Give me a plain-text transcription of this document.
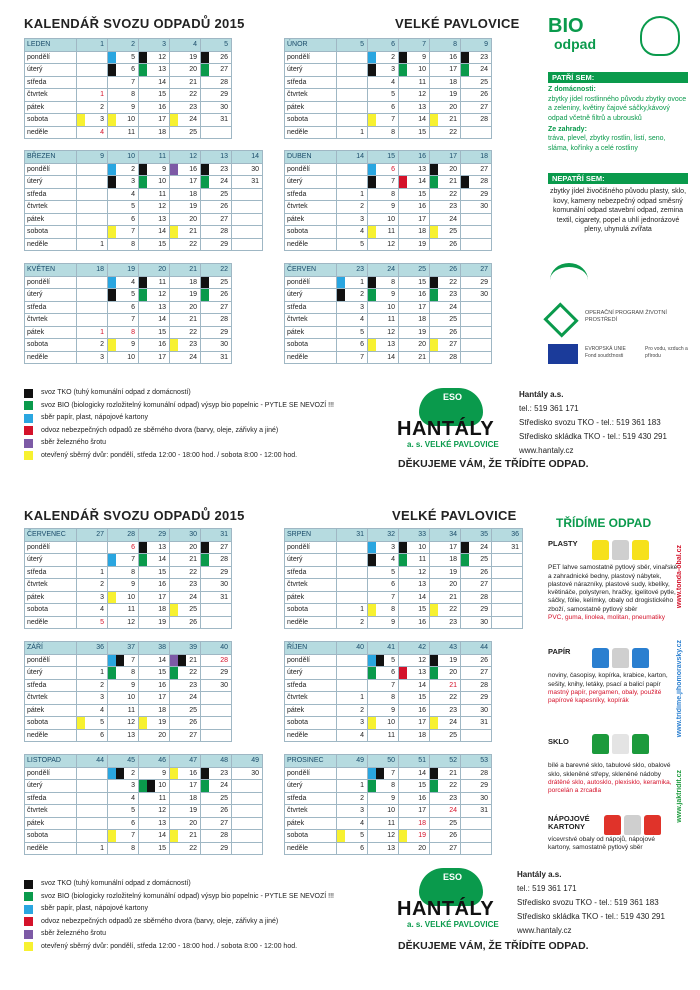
KALENDÁŘ SVOZU ODPADŮ 2015	VELKÉ PAVLOVICE
KALENDÁŘ SVOZU ODPADŮ 2015	VELKÉ PAVLOVICE
LEDEN	1	2	3	4	5
pondělí		5	12	19	26
úterý		6	13	20	27
středa		7	14	21	28
čtvrtek	1	8	15	22	29
pátek	2	9	16	23	30
sobota	3	10	17	24	31
neděle	4	11	18	25	
ÚNOR	5	6	7	8	9
pondělí		2	9	16	23
úterý		3	10	17	24
středa		4	11	18	25
čtvrtek		5	12	19	26
pátek		6	13	20	27
sobota		7	14	21	28
neděle	1	8	15	22	
BŘEZEN	9	10	11	12	13	14
pondělí		2	9	16	23	30
úterý		3	10	17	24	31
středa		4	11	18	25	
čtvrtek		5	12	19	26	
pátek		6	13	20	27	
sobota		7	14	21	28	
neděle	1	8	15	22	29	
DUBEN	14	15	16	17	18
pondělí		6	13	20	27
úterý		7	14	21	28
středa	1	8	15	22	29
čtvrtek	2	9	16	23	30
pátek	3	10	17	24	
sobota	4	11	18	25	
neděle	5	12	19	26	
KVĚTEN	18	19	20	21	22
pondělí		4	11	18	25
úterý		5	12	19	26
středa		6	13	20	27
čtvrtek		7	14	21	28
pátek	1	8	15	22	29
sobota	2	9	16	23	30
neděle	3	10	17	24	31
ČERVEN	23	24	25	26	27
pondělí	1	8	15	22	29
úterý	2	9	16	23	30
středa	3	10	17	24	
čtvrtek	4	11	18	25	
pátek	5	12	19	26	
sobota	6	13	20	27	
neděle	7	14	21	28	
ČERVENEC	27	28	29	30	31
pondělí		6	13	20	27
úterý		7	14	21	28
středa	1	8	15	22	29
čtvrtek	2	9	16	23	30
pátek	3	10	17	24	31
sobota	4	11	18	25	
neděle	5	12	19	26	
SRPEN	31	32	33	34	35	36
pondělí		3	10	17	24	31
úterý		4	11	18	25	
středa		5	12	19	26	
čtvrtek		6	13	20	27	
pátek		7	14	21	28	
sobota	1	8	15	22	29	
neděle	2	9	16	23	30	
ZÁŘÍ	36	37	38	39	40
pondělí		7	14	21	28
úterý	1	8	15	22	29
středa	2	9	16	23	30
čtvrtek	3	10	17	24	
pátek	4	11	18	25	
sobota	5	12	19	26	
neděle	6	13	20	27	
ŘÍJEN	40	41	42	43	44
pondělí		5	12	19	26
úterý		6	13	20	27
středa		7	14	21	28
čtvrtek	1	8	15	22	29
pátek	2	9	16	23	30
sobota	3	10	17	24	31
neděle	4	11	18	25	
LISTOPAD	44	45	46	47	48	49
pondělí		2	9	16	23	30
úterý		3	10	17	24	
středa		4	11	18	25	
čtvrtek		5	12	19	26	
pátek		6	13	20	27	
sobota		7	14	21	28	
neděle	1	8	15	22	29	
PROSINEC	49	50	51	52	53
pondělí		7	14	21	28
úterý	1	8	15	22	29
středa	2	9	16	23	30
čtvrtek	3	10	17	24	31
pátek	4	11	18	25	
sobota	5	12	19	26	
neděle	6	13	20	27	
svoz TKO (tuhý komunální odpad z domácností)
svoz BIO (biologicky rozložitelný komunální odpad) výsyp bio popelnic - PYTLE SE NEVOZÍ !!!
sběr papír, plast, nápojové kartony
odvoz nebezpečných odpadů ze sběrného dvora (barvy, oleje, zářivky a jiné)
sběr železného šrotu
otevřený sběrný dvůr: pondělí, středa 12:00 - 18:00 hod. / sobota 8:00 - 12:00 hod.
svoz TKO (tuhý komunální odpad z domácností)
svoz BIO (biologicky rozložitelný komunální odpad) výsyp bio popelnic - PYTLE SE NEVOZÍ !!!
sběr papír, plast, nápojové kartony
odvoz nebezpečných odpadů ze sběrného dvora (barvy, oleje, zářivky a jiné)
sběr železného šrotu
otevřený sběrný dvůr: pondělí, středa 12:00 - 18:00 hod. / sobota 8:00 - 12:00 hod.
ESO
HANTÁLY
a. s. VELKÉ PAVLOVICE
Hantály a.s.
tel.: 519 361 171
Středisko svozu TKO - tel.: 519 361 183
Středisko skládka TKO - tel.: 519 430 291
www.hantaly.cz
DĚKUJEME VÁM, ŽE TŘÍDÍTE ODPAD.
ESO
HANTÁLY
a. s. VELKÉ PAVLOVICE
Hantály a.s.
tel.: 519 361 171
Středisko svozu TKO - tel.: 519 361 183
Středisko skládka TKO - tel.: 519 430 291
www.hantaly.cz
DĚKUJEME VÁM, ŽE TŘÍDÍTE ODPAD.
BIO
odpad
PATŘÍ SEM:
Z domácnosti:
zbytky jídel rostlinného původu zbytky ovoce a zeleniny, květiny čajové sáčky,kávový odpad včetně filtrů a ubrousků
Ze zahrady:
tráva, plevel, zbytky rostlin, listí, seno, sláma, kořínky a celé rostliny
NEPATŘÍ SEM:
zbytky jídel živočišného původu plasty, sklo, kovy, kameny nebezpečný odpad směsný komunální odpad stavební odpad, zemina textil, cigarety, popel a uhlí jednorázové pleny, uhynulá zvířata
OPERAČNÍ PROGRAM ŽIVOTNÍ PROSTŘEDÍ
EVROPSKÁ UNIE Fond soudržnosti
Pro vodu, vzduch a přírodu
TŘÍDÍME ODPAD
PLASTY
PET lahve samostatně pytlový sběr, vinařské a zahradnické bedny, plastový nábytek, plastové nárazníky, plastové sudy, kbelíky, květináče, polystyren, hračky, igelitové pytle, sáčky, fólie, kelímky, obaly od drogistického zboží, samostatně pytlový sběr
PVC, guma, linolea, molitan, pneumatiky
PAPÍR
noviny, časopisy, kopírka, krabice, karton, sešity, knihy, letáky, psací a balicí papír
mastný papír, pergamen, obaly, použité papírové kapesníky, kopírák
SKLO
bílé a barevné sklo, tabulové sklo, obalové sklo, skleněné střepy, skleněné nádoby
drátěné sklo, autosklo, plexisklo, keramika, porcelán a zrcadla
NÁPOJOVÉ KARTONY
vícevrstvé obaly od nápojů, nápojové kartony, samostatně pytlový sběr
www.tonda-obal.cz
www.tridime.jihomoravsky.cz
www.jaktridit.cz
